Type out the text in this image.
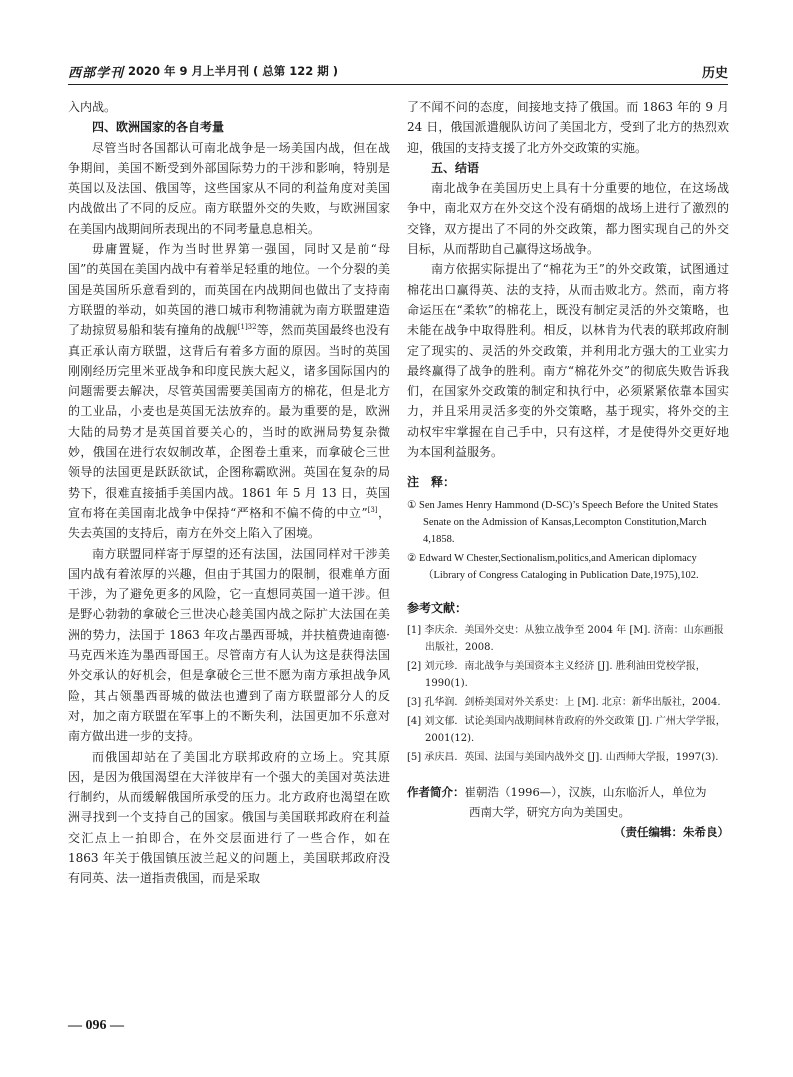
西部学刊 2020 年 9 月上半月刊 ( 总第 122 期 )	历史

入内战。

四、欧洲国家的各自考量

尽管当时各国都认可南北战争是一场美国内战，但在战争期间，美国不断受到外部国际势力的干涉和影响，特别是英国以及法国、俄国等，这些国家从不同的利益角度对美国内战做出了不同的反应。南方联盟外交的失败，与欧洲国家在美国内战期间所表现出的不同考量息息相关。

毋庸置疑，作为当时世界第一强国，同时又是前“母国”的英国在美国内战中有着举足轻重的地位。一个分裂的美国是英国所乐意看到的，而英国在内战期间也做出了支持南方联盟的举动，如英国的港口城市利物浦就为南方联盟建造了劫掠贸易船和装有撞角的战舰$^{[1]32}$等，然而英国最终也没有真正承认南方联盟，这背后有着多方面的原因。当时的英国刚刚经历完里米亚战争和印度民族大起义，诸多国际国内的问题需要去解决，尽管英国需要美国南方的棉花，但是北方的工业品，小麦也是英国无法放弃的。最为重要的是，欧洲大陆的局势才是英国首要关心的，当时的欧洲局势复杂微妙，俄国在进行农奴制改革，企图卷土重来，而拿破仑三世领导的法国更是跃跃欲试，企图称霸欧洲。英国在复杂的局势下，很难直接插手美国内战。1861 年 5 月 13 日，英国宣布将在美国南北战争中保持“严格和不偏不倚的中立”[3]，失去英国的支持后，南方在外交上陷入了困境。

南方联盟同样寄于厚望的还有法国，法国同样对干涉美国内战有着浓厚的兴趣，但由于其国力的限制，很难单方面干涉，为了避免更多的风险，它一直想同英国一道干涉。但是野心勃勃的拿破仑三世决心趁美国内战之际扩大法国在美洲的势力，法国于 1863 年攻占墨西哥城，并扶植费迪南德·马克西米连为墨西哥国王。尽管南方有人认为这是获得法国外交承认的好机会，但是拿破仑三世不愿为南方承担战争风险，其占领墨西哥城的做法也遭到了南方联盟部分人的反对，加之南方联盟在军事上的不断失利，法国更加不乐意对南方做出进一步的支持。

而俄国却站在了美国北方联邦政府的立场上。究其原因，是因为俄国渴望在大洋彼岸有一个强大的美国对英法进行制约，从而缓解俄国所承受的压力。北方政府也渴望在欧洲寻找到一个支持自己的国家。俄国与美国联邦政府在利益交汇点上一拍即合，在外交层面进行了一些合作，如在 1863 年关于俄国镇压波兰起义的问题上，美国联邦政府没有同英、法一道指责俄国，而是采取

了不闻不问的态度，间接地支持了俄国。而 1863 年的 9 月 24 日，俄国派遣舰队访问了美国北方，受到了北方的热烈欢迎，俄国的支持支援了北方外交政策的实施。

五、结语

南北战争在美国历史上具有十分重要的地位，在这场战争中，南北双方在外交这个没有硝烟的战场上进行了激烈的交锋，双方提出了不同的外交政策，都力图实现自己的外交目标，从而帮助自己赢得这场战争。

南方依据实际提出了“棉花为王”的外交政策，试图通过棉花出口赢得英、法的支持，从而击败北方。然而，南方将命运压在“柔软”的棉花上，既没有制定灵活的外交策略，也未能在战争中取得胜利。相反，以林肯为代表的联邦政府制定了现实的、灵活的外交政策，并利用北方强大的工业实力最终赢得了战争的胜利。南方“棉花外交”的彻底失败告诉我们，在国家外交政策的制定和执行中，必须紧紧依靠本国实力，并且采用灵活多变的外交策略，基于现实，将外交的主动权牢牢掌握在自己手中，只有这样，才是使得外交更好地为本国利益服务。

注　释：

① Sen James Henry Hammond (D-SC)’s Speech Before the United States Senate on the Admission of Kansas,Lecompton Constitution,March 4,1858.

② Edward W Chester,Sectionalism,politics,and American diplomacy（Library of Congress Cataloging in Publication Date,1975),102.

参考文献：

[1] 李庆余．美国外交史：从独立战争至 2004 年 [M]. 济南：山东画报出版社，2008.

[2] 刘元珍．南北战争与美国资本主义经济 [J]. 胜利油田党校学报，1990(1).

[3] 孔华润．剑桥美国对外关系史：上 [M]. 北京：新华出版社，2004.

[4] 刘文郁．试论美国内战期间林肯政府的外交政策 [J]. 广州大学学报，2001(12).

[5] 承庆昌．英国、法国与美国内战外交 [J]. 山西师大学报，1997(3).

作者简介：崔朝浩（1996—），汉族，山东临沂人，单位为
西南大学，研究方向为美国史。
（责任编辑：朱希良）
— 096 —
